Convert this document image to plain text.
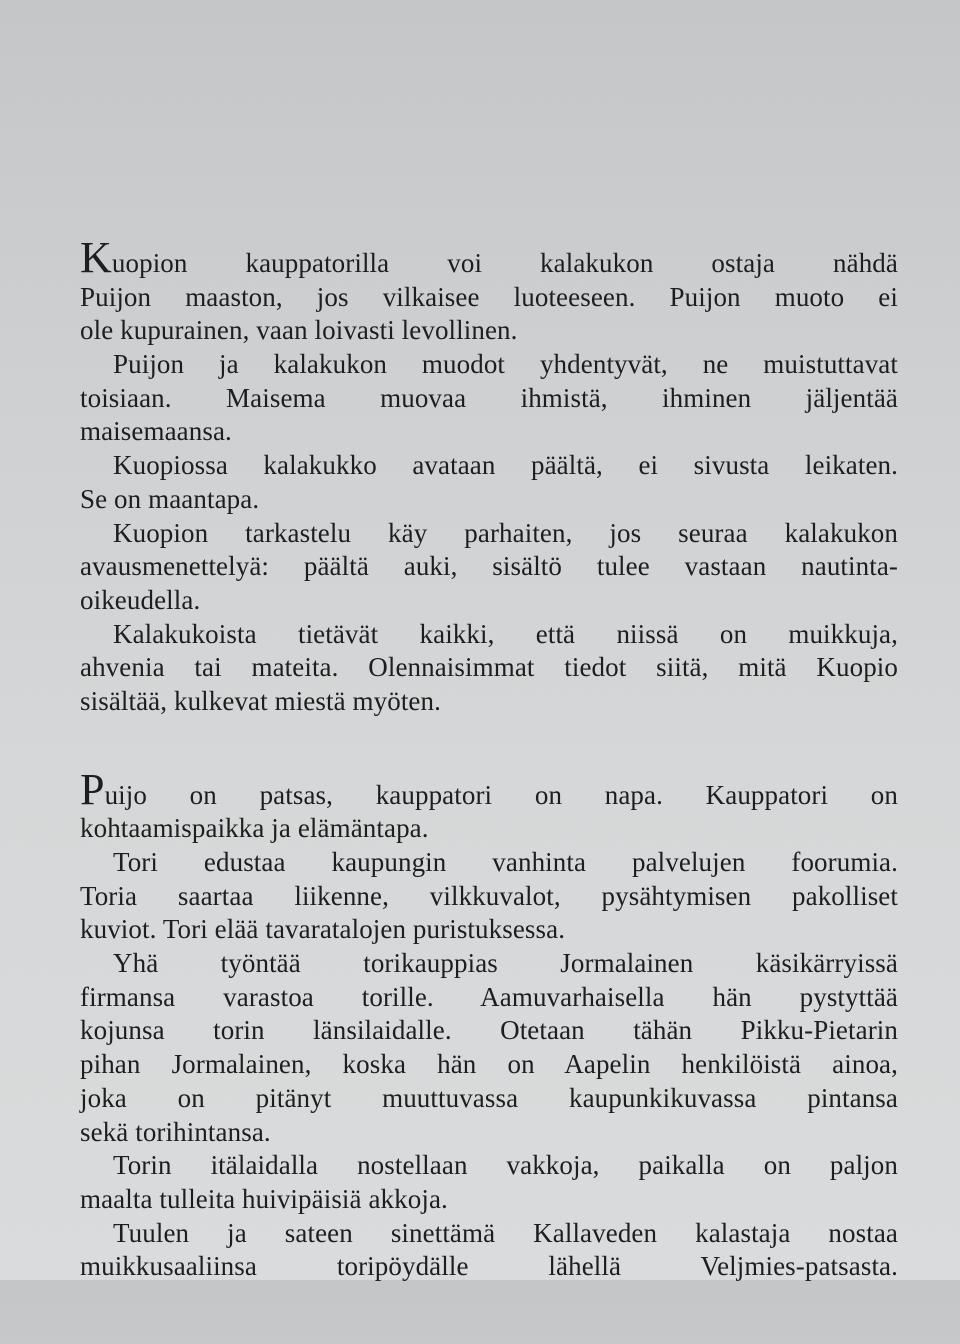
Kuopion kauppatorilla voi kalakukon ostaja nähdä
Puijon maaston, jos vilkaisee luoteeseen. Puijon muoto ei
ole kupurainen, vaan loivasti levollinen.
Puijon ja kalakukon muodot yhdentyvät, ne muistuttavat
toisiaan. Maisema muovaa ihmistä, ihminen jäljentää
maisemaansa.
Kuopiossa kalakukko avataan päältä, ei sivusta leikaten.
Se on maantapa.
Kuopion tarkastelu käy parhaiten, jos seuraa kalakukon
avausmenettelyä: päältä auki, sisältö tulee vastaan nautinta-
oikeudella.
Kalakukoista tietävät kaikki, että niissä on muikkuja,
ahvenia tai mateita. Olennaisimmat tiedot siitä, mitä Kuopio
sisältää, kulkevat miestä myöten.
Puijo on patsas, kauppatori on napa. Kauppatori on
kohtaamispaikka ja elämäntapa.
Tori edustaa kaupungin vanhinta palvelujen foorumia.
Toria saartaa liikenne, vilkkuvalot, pysähtymisen pakolliset
kuviot. Tori elää tavaratalojen puristuksessa.
Yhä työntää torikauppias Jormalainen käsikärryissä
firmansa varastoa torille. Aamuvarhaisella hän pystyttää
kojunsa torin länsilaidalle. Otetaan tähän Pikku-Pietarin
pihan Jormalainen, koska hän on Aapelin henkilöistä ainoa,
joka on pitänyt muuttuvassa kaupunkikuvassa pintansa
sekä torihintansa.
Torin itälaidalla nostellaan vakkoja, paikalla on paljon
maalta tulleita huivipäisiä akkoja.
Tuulen ja sateen sinettämä Kallaveden kalastaja nostaa
muikkusaaliinsa toripöydälle lähellä Veljmies-patsasta.
